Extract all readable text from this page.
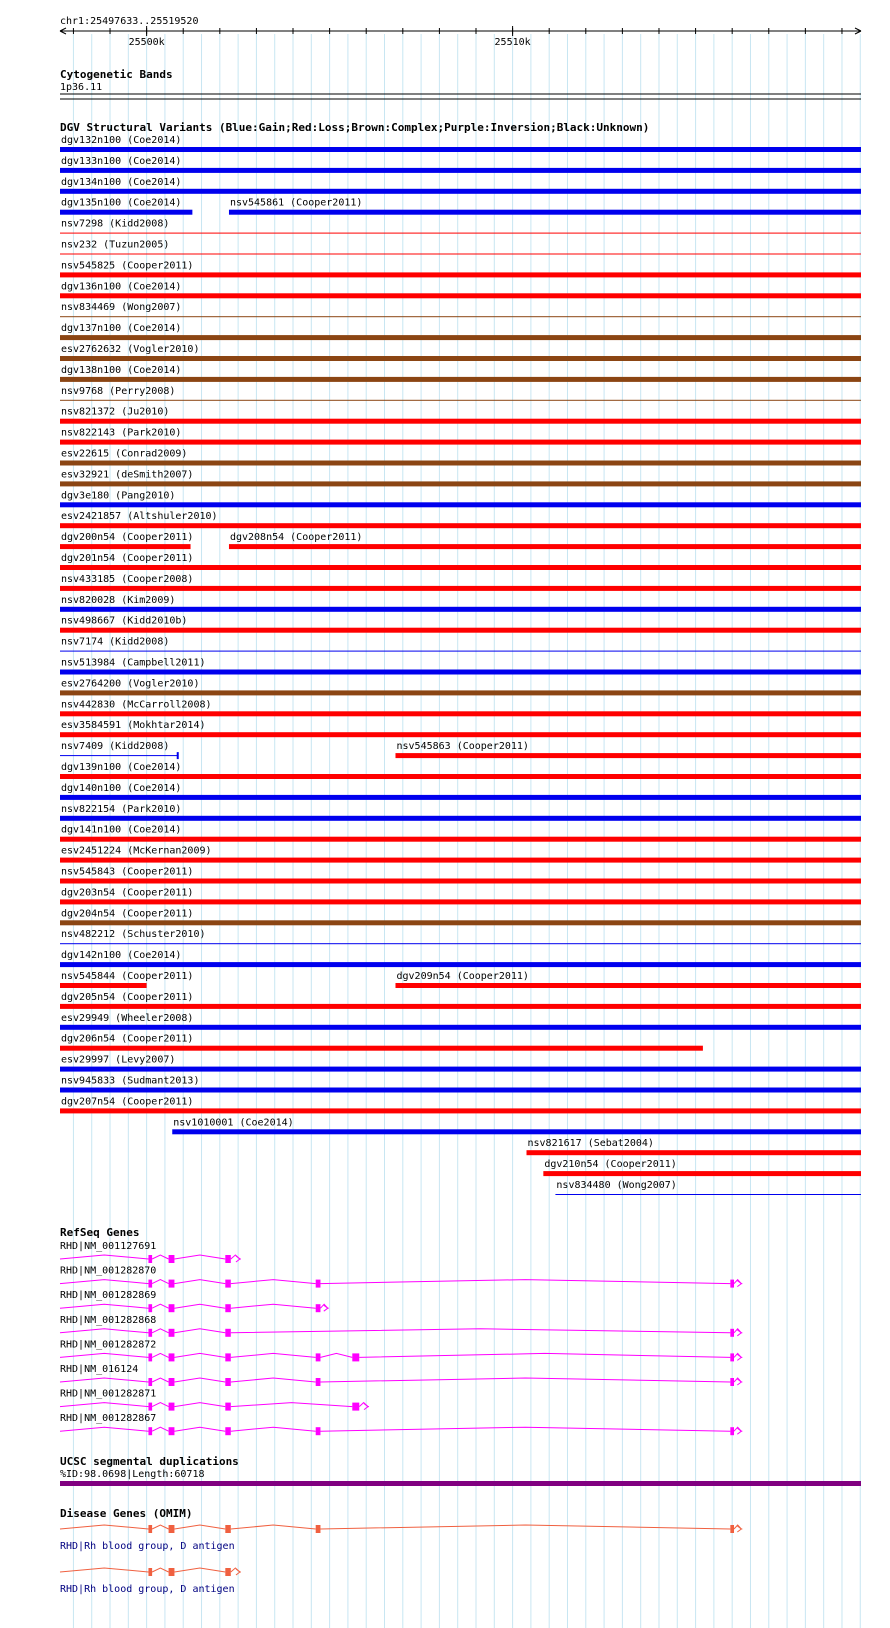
chr1:25497633..25519520
25500k	25510k
Cytogenetic Bands
1p36.11
DGV Structural Variants (Blue:Gain;Red:Loss;Brown:Complex;Purple:Inversion;Black:Unknown)
dgv132n100 (Coe2014)
dgv133n100 (Coe2014)
dgv134n100 (Coe2014)
dgv135n100 (Coe2014)	nsv545861 (Cooper2011)
nsv7298 (Kidd2008)
nsv232 (Tuzun2005)
nsv545825 (Cooper2011)
dgv136n100 (Coe2014)
nsv834469 (Wong2007)
dgv137n100 (Coe2014)
esv2762632 (Vogler2010)
dgv138n100 (Coe2014)
nsv9768 (Perry2008)
nsv821372 (Ju2010)
nsv822143 (Park2010)
esv22615 (Conrad2009)
esv32921 (deSmith2007)
dgv3e180 (Pang2010)
esv2421857 (Altshuler2010)
dgv200n54 (Cooper2011)	dgv208n54 (Cooper2011)
dgv201n54 (Cooper2011)
nsv433185 (Cooper2008)
nsv820028 (Kim2009)
nsv498667 (Kidd2010b)
nsv7174 (Kidd2008)
nsv513984 (Campbell2011)
esv2764200 (Vogler2010)
nsv442830 (McCarroll2008)
esv3584591 (Mokhtar2014)
nsv7409 (Kidd2008)	nsv545863 (Cooper2011)
dgv139n100 (Coe2014)
dgv140n100 (Coe2014)
nsv822154 (Park2010)
dgv141n100 (Coe2014)
esv2451224 (McKernan2009)
nsv545843 (Cooper2011)
dgv203n54 (Cooper2011)
dgv204n54 (Cooper2011)
nsv482212 (Schuster2010)
dgv142n100 (Coe2014)
nsv545844 (Cooper2011)	dgv209n54 (Cooper2011)
dgv205n54 (Cooper2011)
esv29949 (Wheeler2008)
dgv206n54 (Cooper2011)
esv29997 (Levy2007)
nsv945833 (Sudmant2013)
dgv207n54 (Cooper2011)
nsv1010001 (Coe2014)
nsv821617 (Sebat2004)
dgv210n54 (Cooper2011)
nsv834480 (Wong2007)
RefSeq Genes
RHD|NM_001127691
RHD|NM_001282870
RHD|NM_001282869
RHD|NM_001282868
RHD|NM_001282872
RHD|NM_016124
RHD|NM_001282871
RHD|NM_001282867
UCSC segmental duplications
%ID:98.0698|Length:60718
Disease Genes (OMIM)
RHD|Rh blood group, D antigen
RHD|Rh blood group, D antigen
